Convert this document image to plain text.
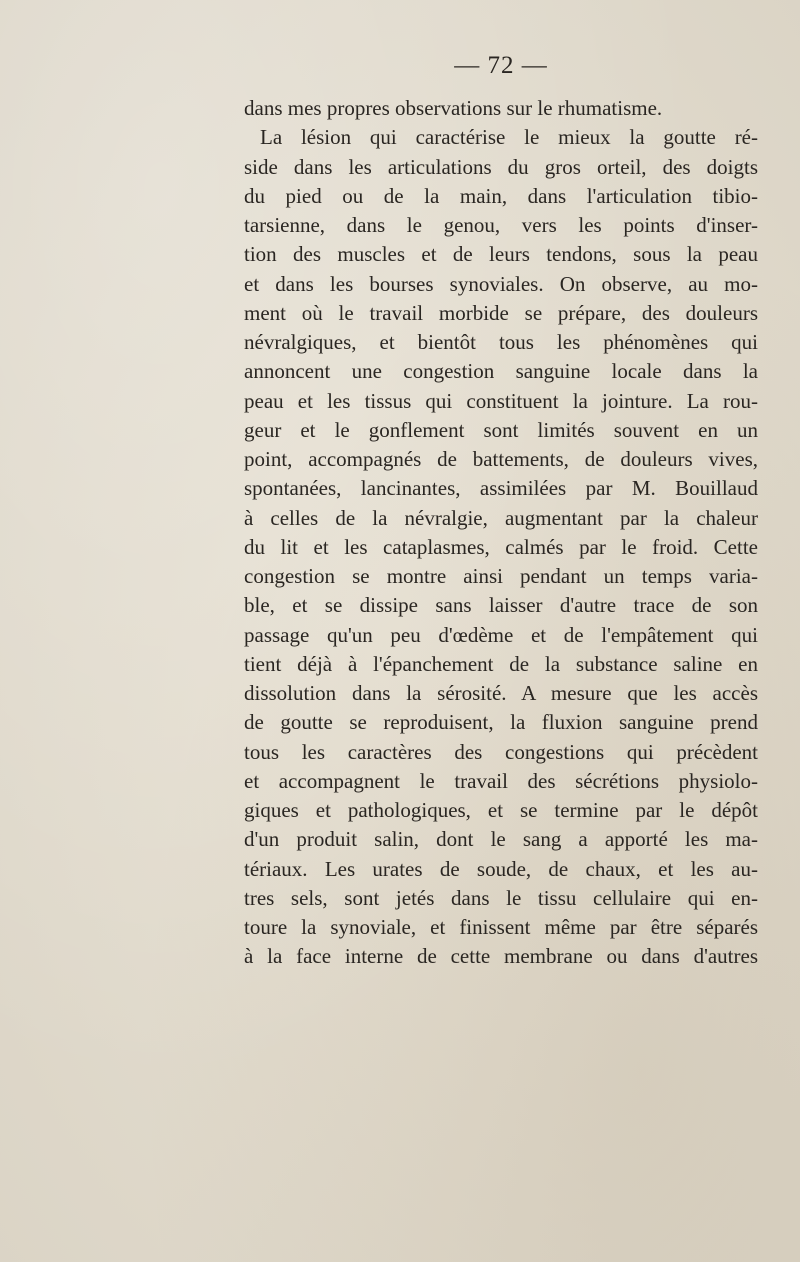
— 72 —
dans mes propres observations sur le rhumatisme.
La lésion qui caractérise le mieux la goutte ré-
side dans les articulations du gros orteil, des doigts
du pied ou de la main, dans l'articulation tibio-
tarsienne, dans le genou, vers les points d'inser-
tion des muscles et de leurs tendons, sous la peau
et dans les bourses synoviales. On observe, au mo-
ment où le travail morbide se prépare, des douleurs
névralgiques, et bientôt tous les phénomènes qui
annoncent une congestion sanguine locale dans la
peau et les tissus qui constituent la jointure. La rou-
geur et le gonflement sont limités souvent en un
point, accompagnés de battements, de douleurs vives,
spontanées, lancinantes, assimilées par M. Bouillaud
à celles de la névralgie, augmentant par la chaleur
du lit et les cataplasmes, calmés par le froid. Cette
congestion se montre ainsi pendant un temps varia-
ble, et se dissipe sans laisser d'autre trace de son
passage qu'un peu d'œdème et de l'empâtement qui
tient déjà à l'épanchement de la substance saline en
dissolution dans la sérosité. A mesure que les accès
de goutte se reproduisent, la fluxion sanguine prend
tous les caractères des congestions qui précèdent
et accompagnent le travail des sécrétions physiolo-
giques et pathologiques, et se termine par le dépôt
d'un produit salin, dont le sang a apporté les ma-
tériaux. Les urates de soude, de chaux, et les au-
tres sels, sont jetés dans le tissu cellulaire qui en-
toure la synoviale, et finissent même par être séparés
à la face interne de cette membrane ou dans d'autres
